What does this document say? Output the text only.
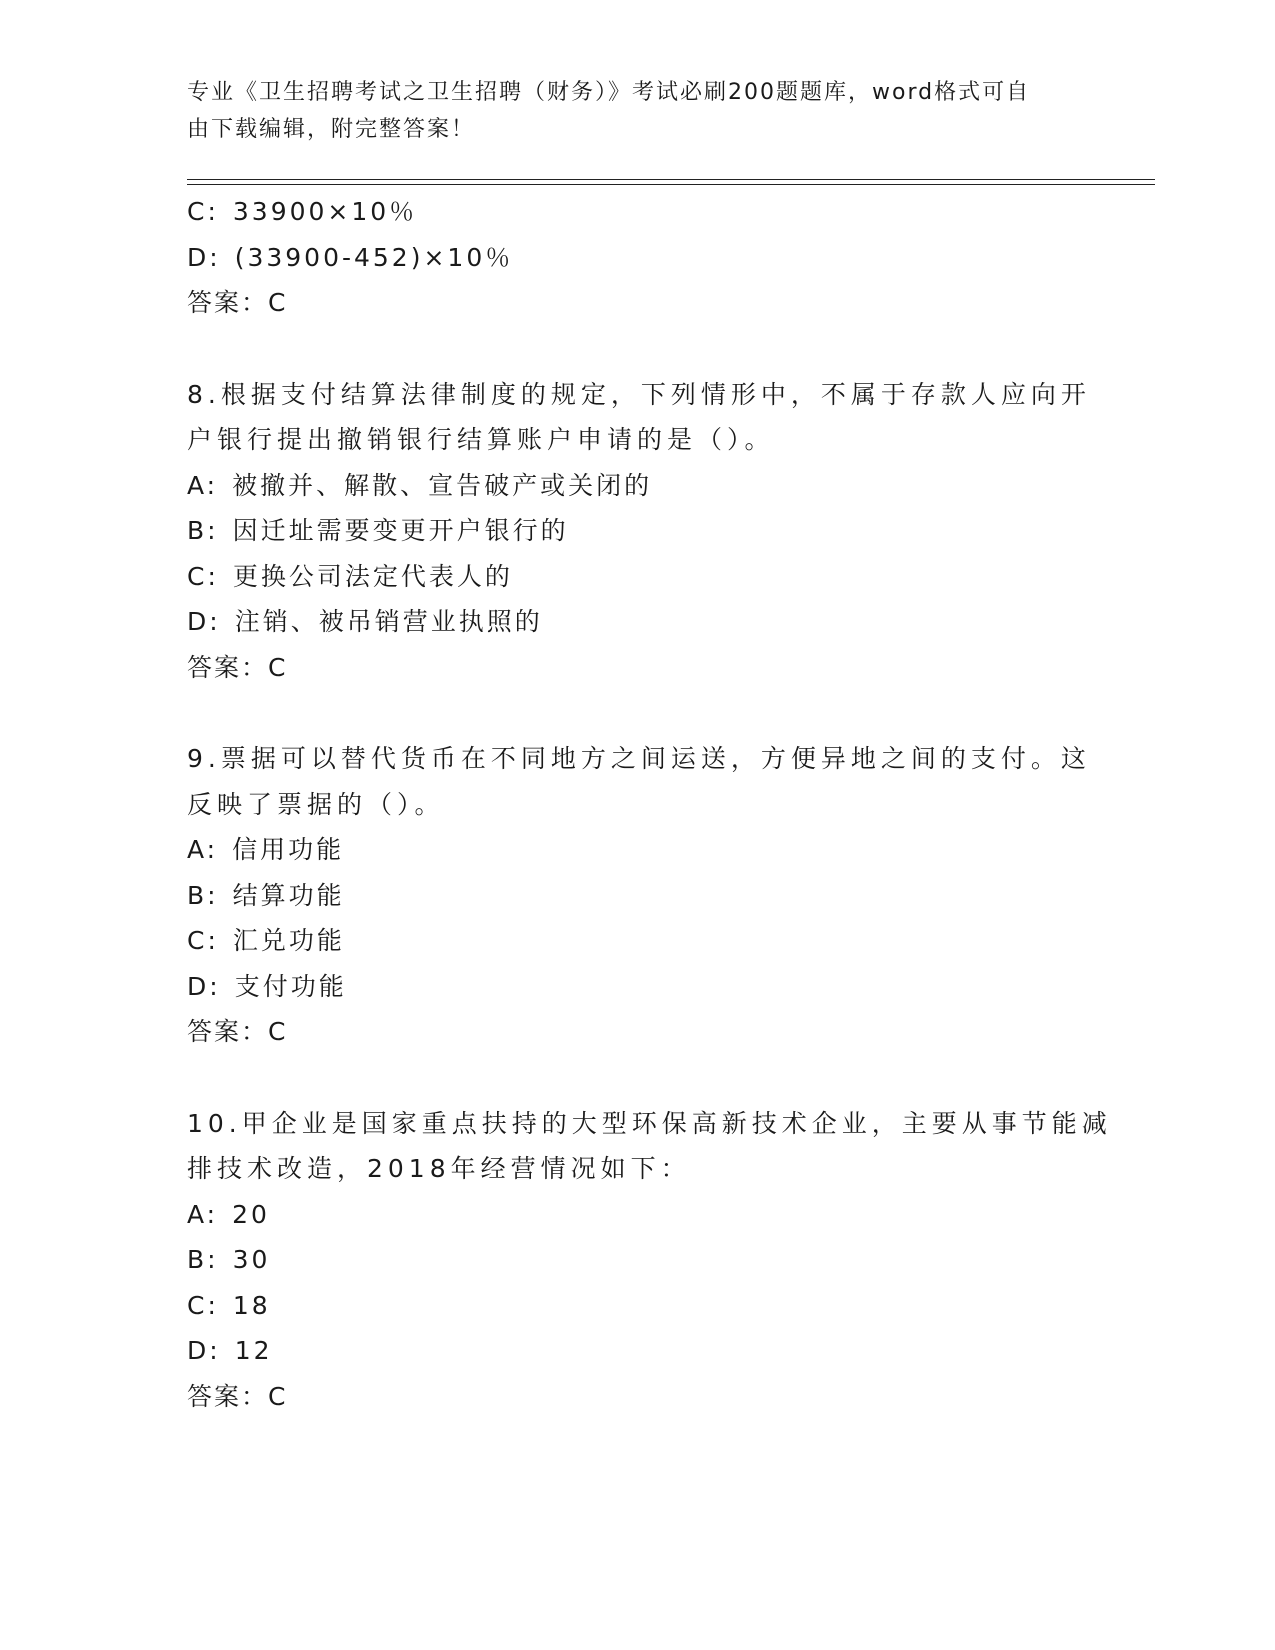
专业《卫生招聘考试之卫生招聘（财务）》考试必刷200题题库，word格式可自
由下载编辑，附完整答案！
C: 33900×10％
D: (33900-452)×10％
答案：C
8.根据支付结算法律制度的规定，下列情形中，不属于存款人应向开
户银行提出撤销银行结算账户申请的是（）。
A: 被撤并、解散、宣告破产或关闭的
B: 因迁址需要变更开户银行的
C: 更换公司法定代表人的
D: 注销、被吊销营业执照的
答案：C
9.票据可以替代货币在不同地方之间运送，方便异地之间的支付。这
反映了票据的（）。
A: 信用功能
B: 结算功能
C: 汇兑功能
D: 支付功能
答案：C
10.甲企业是国家重点扶持的大型环保高新技术企业，主要从事节能减
排技术改造，2018年经营情况如下：
A: 20
B: 30
C: 18
D: 12
答案：C
